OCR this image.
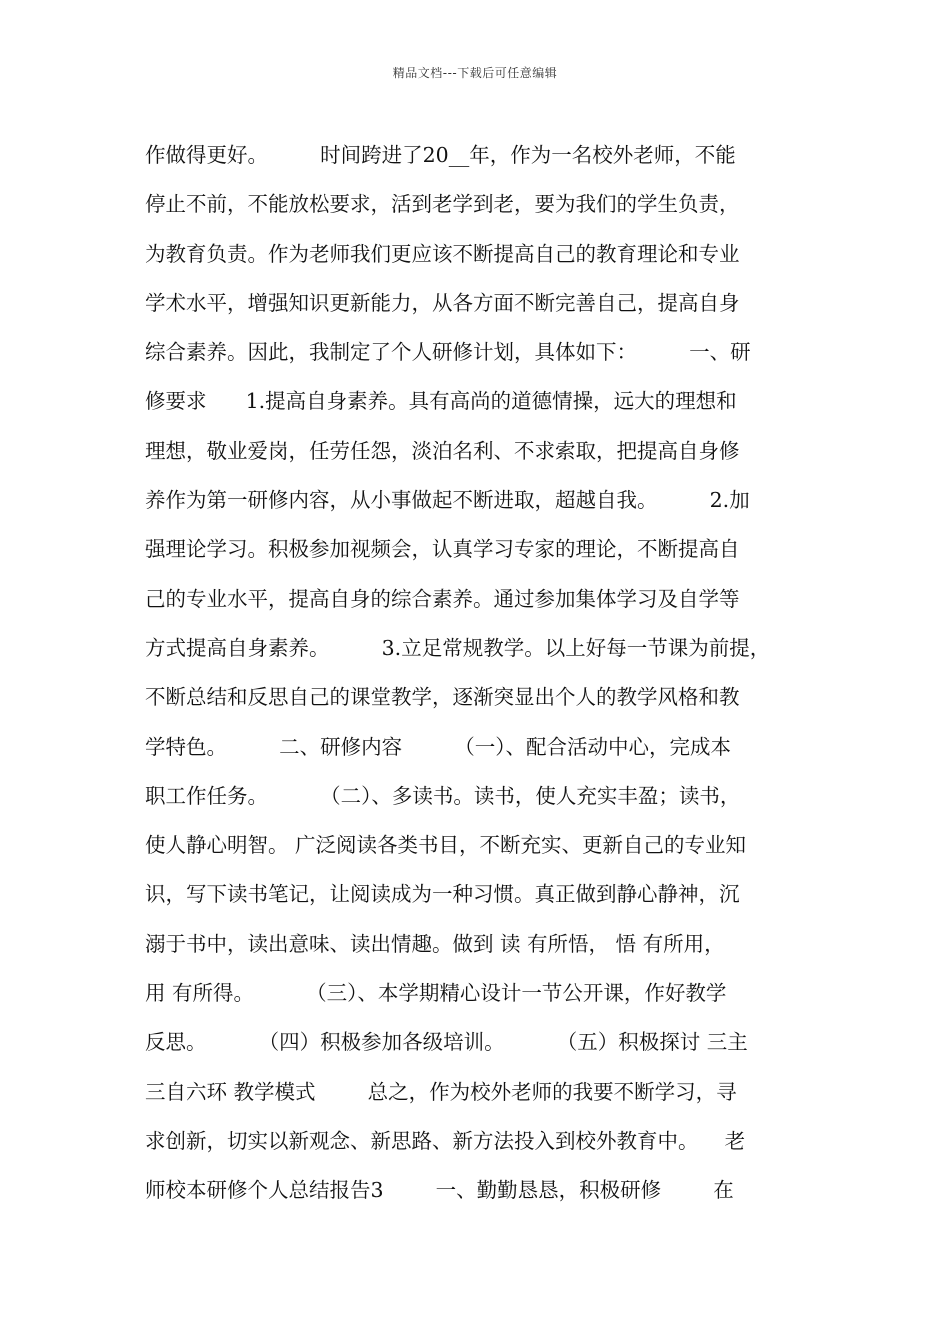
精品文档---下载后可任意编辑
作做得更好。        时间跨进了20__年，作为一名校外老师，不能
停止不前，不能放松要求，活到老学到老，要为我们的学生负责，
为教育负责。作为老师我们更应该不断提高自己的教育理论和专业
学术水平，增强知识更新能力，从各方面不断完善自己，提高自身
综合素养。因此，我制定了个人研修计划，具体如下：        一、研
修要求      1.提高自身素养。具有高尚的道德情操，远大的理想和
理想，敬业爱岗，任劳任怨，淡泊名利、不求索取，把提高自身修
养作为第一研修内容，从小事做起不断进取，超越自我。        2.加
强理论学习。积极参加视频会，认真学习专家的理论，不断提高自
己的专业水平，提高自身的综合素养。通过参加集体学习及自学等
方式提高自身素养。        3.立足常规教学。以上好每一节课为前提，
不断总结和反思自己的课堂教学，逐渐突显出个人的教学风格和教
学特色。        二、研修内容        （一）、配合活动中心，完成本
职工作任务。        （二）、多读书。读书，使人充实丰盈；读书，
使人静心明智。 广泛阅读各类书目，不断充实、更新自己的专业知
识，写下读书笔记，让阅读成为一种习惯。真正做到静心静神，沉
溺于书中，读出意味、读出情趣。做到 读 有所悟， 悟 有所用，
用 有所得。        （三）、本学期精心设计一节公开课，作好教学
反思。        （四）积极参加各级培训。        （五）积极探讨 三主
三自六环 教学模式        总之，作为校外老师的我要不断学习，寻
求创新，切实以新观念、新思路、新方法投入到校外教育中。    老
师校本研修个人总结报告3        一、勤勤恳恳，积极研修        在
